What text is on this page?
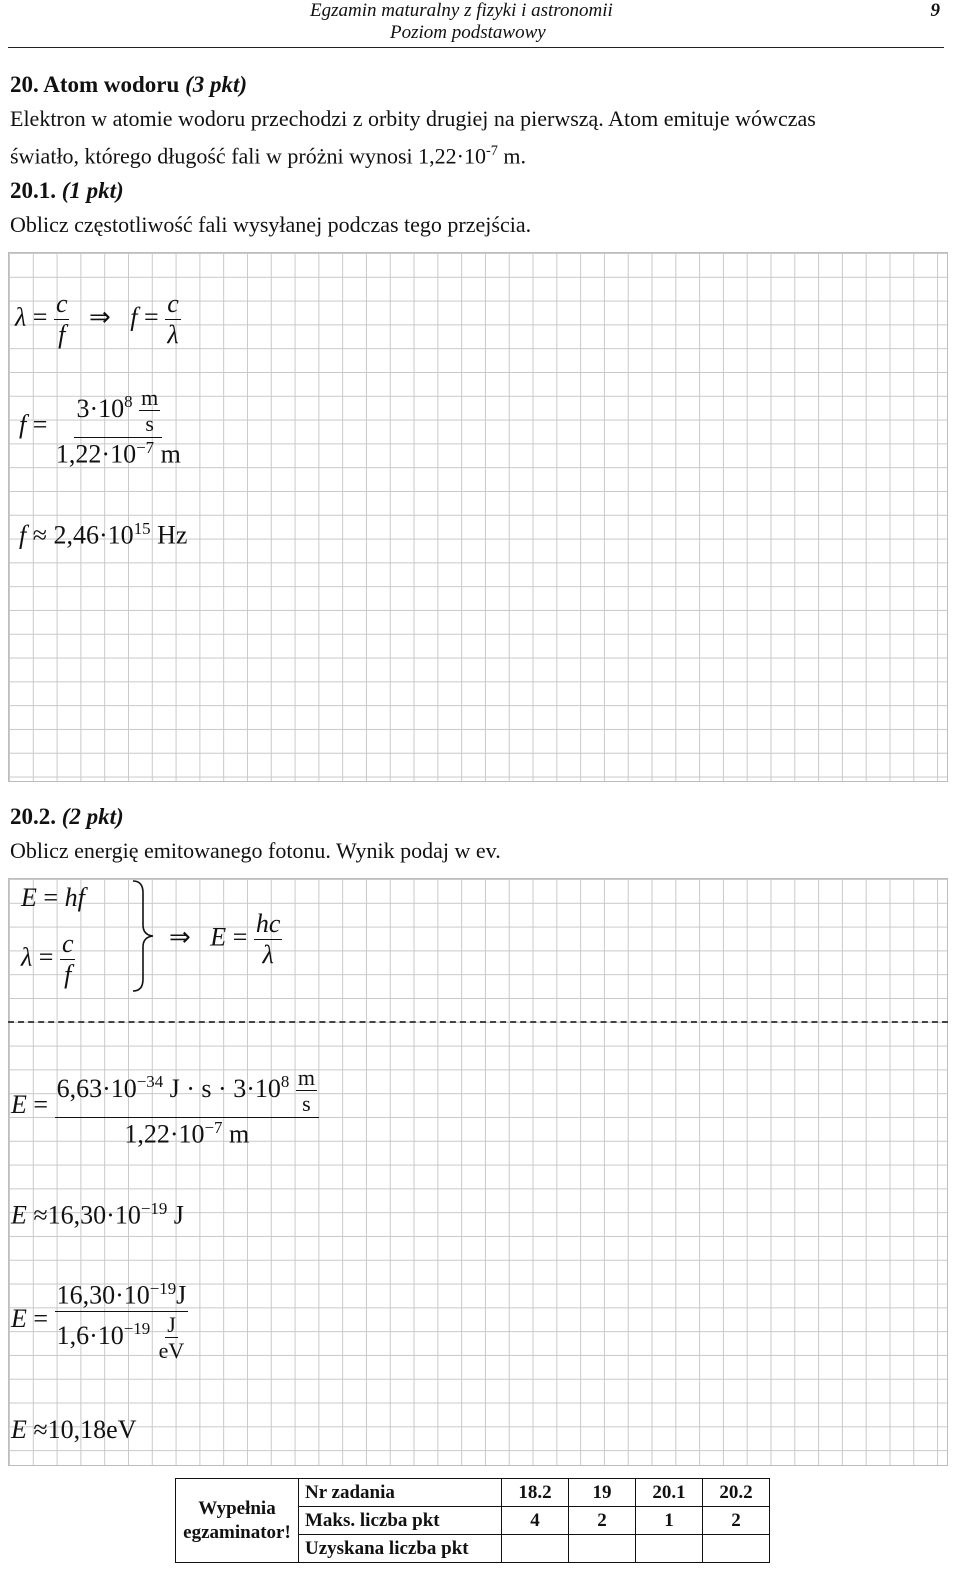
Egzamin maturalny z fizyki i astronomii
Poziom podstawowy
9
20. Atom wodoru (3 pkt)
Elektron w atomie wodoru przechodzi z orbity drugiej na pierwszą. Atom emituje wówczas
światło, którego długość fali w próżni wynosi $1,22\cdot 10^{-7}$ m.
20.1. (1 pkt)
Oblicz częstotliwość fali wysyłanej podczas tego przejścia.
$\lambda = \frac{c}{f}$ ⇒ $f = \frac{c}{\lambda}$
$f = \frac{3\cdot 10^8 \frac{m}{s}}{1,22\cdot 10^{-7} m}$
$f \approx 2,46\cdot 10^{15}$ Hz
20.2. (2 pkt)
Oblicz energię emitowanego fotonu. Wynik podaj w ev.
E = hf
$\lambda = \frac{c}{f}$	⇒ $E = \frac{hc}{\lambda}$
$E = \frac{6,63\cdot 10^{-34} J \cdot s \cdot 3\cdot 10^8 \frac{m}{s}}{1,22\cdot 10^{-7} m}$
$E \approx 16,30\cdot 10^{-19}$ J
$E = \frac{16,30\cdot 10^{-19}J}{1,6\cdot 10^{-19} \frac{J}{eV}}$
E ≈10,18eV
Wypełnia
egzaminator!	Nr zadania	18.2	19	20.1	20.2
	Maks. liczba pkt	4	2	1	2
	Uzyskana liczba pkt				
